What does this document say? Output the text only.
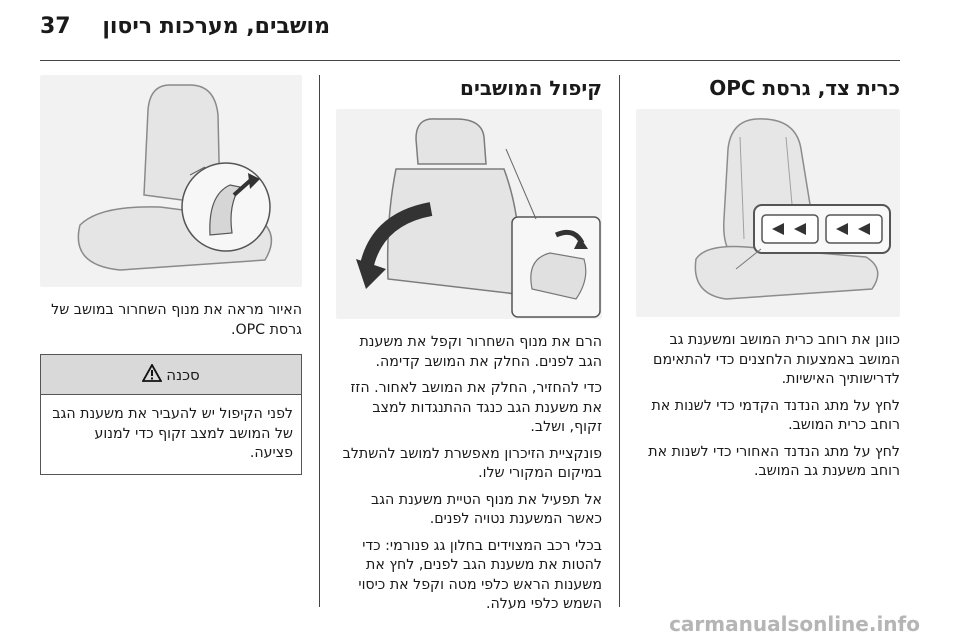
37 מושבים, מערכות ריסון
כרית צד, גרסת OPC

כוונן את רוחב כרית המושב ומשענת גב המושב באמצעות הלחצנים כדי להתאימם לדרישותיך האישיות.

לחץ על מתג הנדנד הקדמי כדי לשנות את רוחב כרית המושב.

לחץ על מתג הנדנד האחורי כדי לשנות את רוחב משענת גב המושב.

קיפול המושבים

הרם את מנוף השחרור וקפל את משענת הגב לפנים. החלק את המושב קדימה.

כדי להחזיר, החלק את המושב לאחור. הזז את משענת הגב כנגד ההתנגדות למצב זקוף, ושלב.

פונקציית הזיכרון מאפשרת למושב להשתלב במיקום המקורי שלו.

אל תפעיל את מנוף הטיית משענת הגב כאשר המשענת נטויה לפנים.

בכלי רכב המצוידים בחלון גג פנורמי: כדי להטות את משענת הגב לפנים, לחץ את משענות הראש כלפי מטה וקפל את כיסוי השמש כלפי מעלה.

האיור מראה את מנוף השחרור במושב של גרסת OPC.

סכנה
לפני הקיפול יש להעביר את משענת הגב של המושב למצב זקוף כדי למנוע פציעה.
carmanualsonline.info
